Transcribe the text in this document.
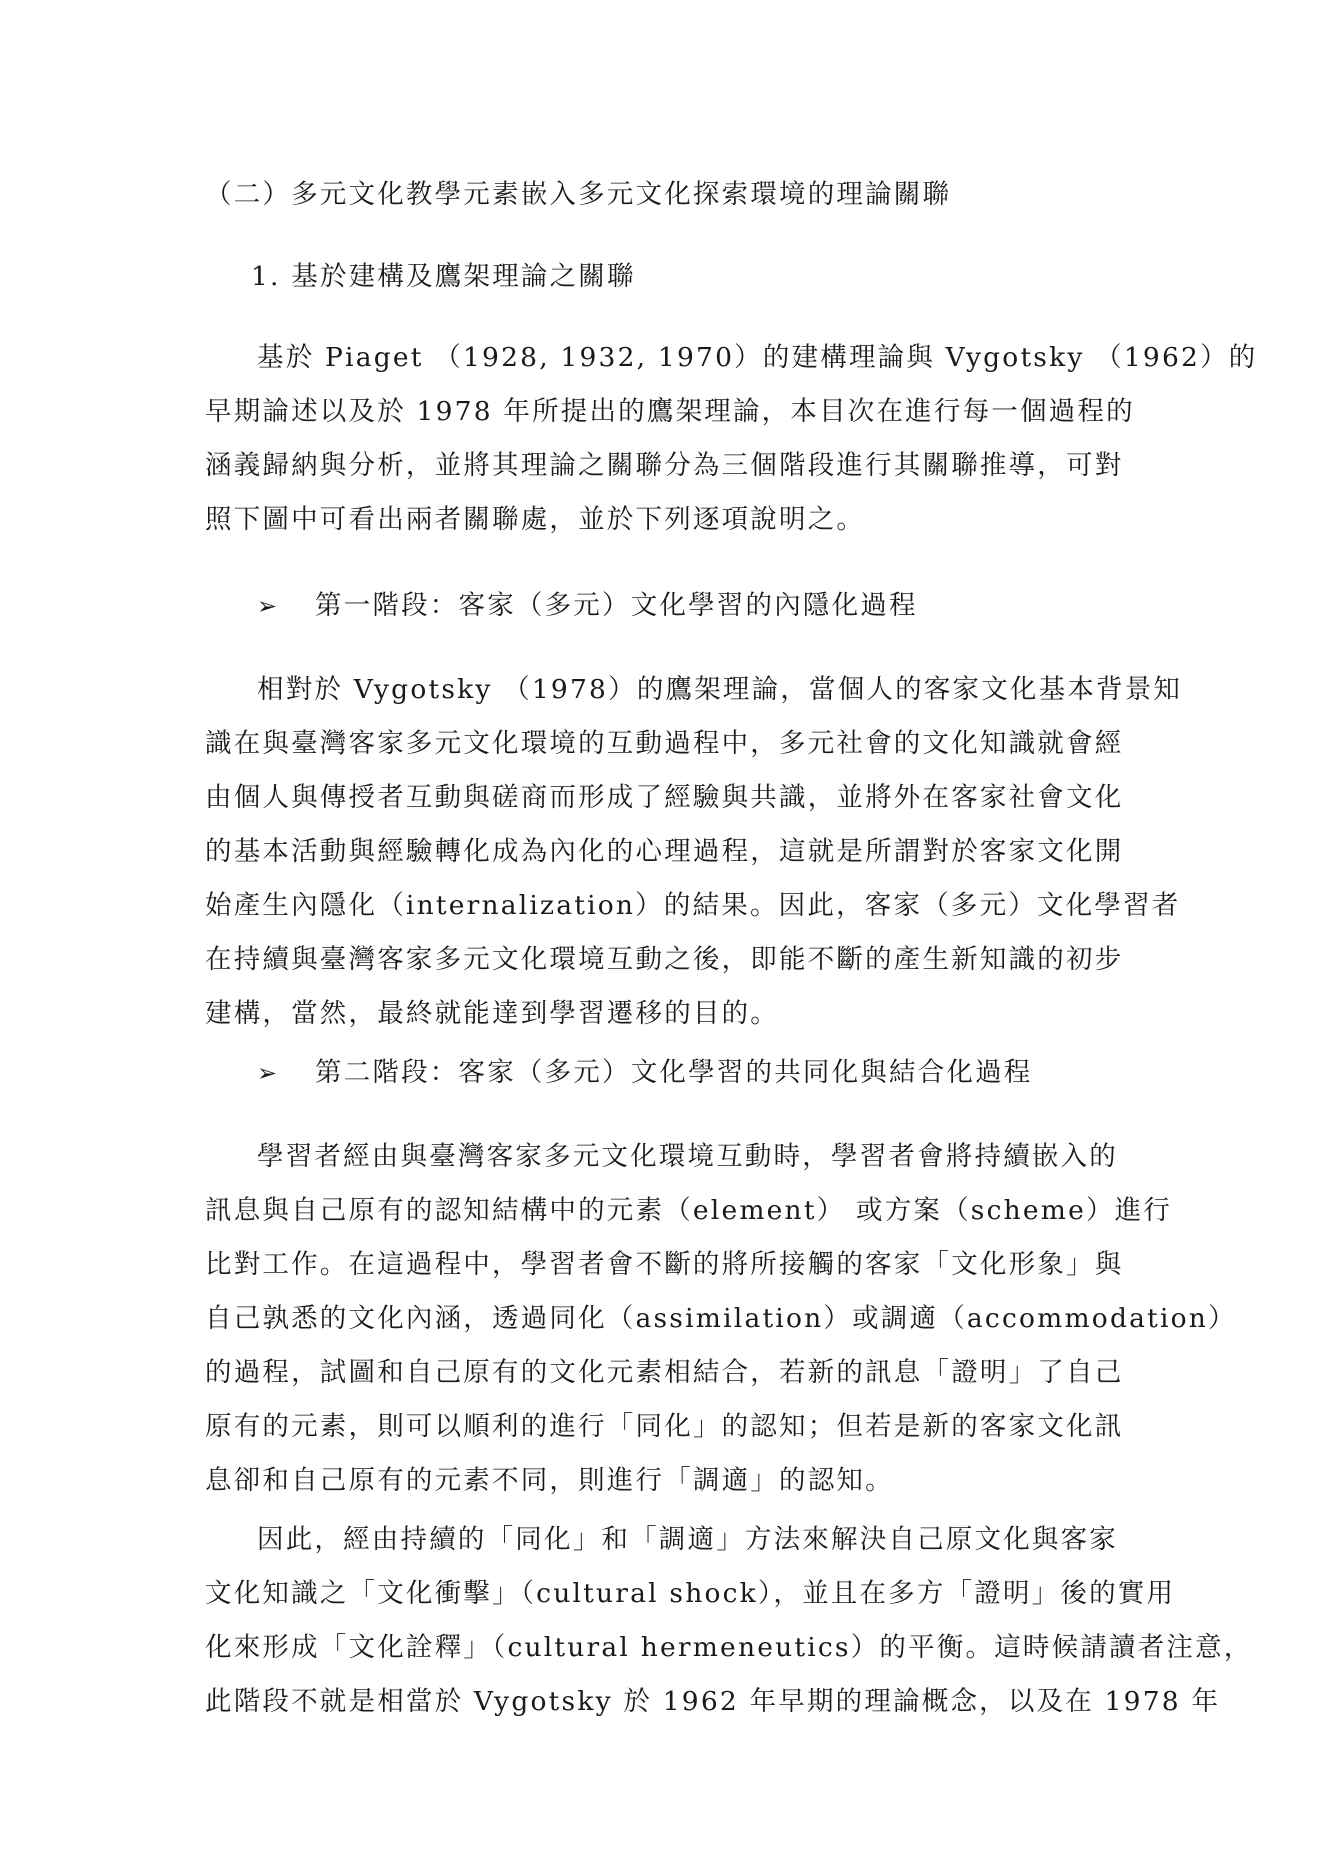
（二）多元文化教學元素嵌入多元文化探索環境的理論關聯
1. 基於建構及鷹架理論之關聯
基於 Piaget （1928, 1932, 1970）的建構理論與 Vygotsky （1962）的
早期論述以及於 1978 年所提出的鷹架理論，本目次在進行每一個過程的
涵義歸納與分析，並將其理論之關聯分為三個階段進行其關聯推導，可對
照下圖中可看出兩者關聯處，並於下列逐項說明之。
➢	第一階段：客家（多元）文化學習的內隱化過程
相對於 Vygotsky （1978）的鷹架理論，當個人的客家文化基本背景知
識在與臺灣客家多元文化環境的互動過程中，多元社會的文化知識就會經
由個人與傳授者互動與磋商而形成了經驗與共識，並將外在客家社會文化
的基本活動與經驗轉化成為內化的心理過程，這就是所謂對於客家文化開
始產生內隱化（internalization）的結果。因此，客家（多元）文化學習者
在持續與臺灣客家多元文化環境互動之後，即能不斷的產生新知識的初步
建構，當然，最終就能達到學習遷移的目的。
➢	第二階段：客家（多元）文化學習的共同化與結合化過程
學習者經由與臺灣客家多元文化環境互動時，學習者會將持續嵌入的
訊息與自己原有的認知結構中的元素（element） 或方案（scheme）進行
比對工作。在這過程中，學習者會不斷的將所接觸的客家「文化形象」與
自己孰悉的文化內涵，透過同化（assimilation）或調適（accommodation）
的過程，試圖和自己原有的文化元素相結合，若新的訊息「證明」了自己
原有的元素，則可以順利的進行「同化」的認知；但若是新的客家文化訊
息卻和自己原有的元素不同，則進行「調適」的認知。
因此，經由持續的「同化」和「調適」方法來解決自己原文化與客家
文化知識之「文化衝擊」（cultural shock），並且在多方「證明」後的實用
化來形成「文化詮釋」（cultural hermeneutics）的平衡。這時候請讀者注意，
此階段不就是相當於 Vygotsky 於 1962 年早期的理論概念，以及在 1978 年
